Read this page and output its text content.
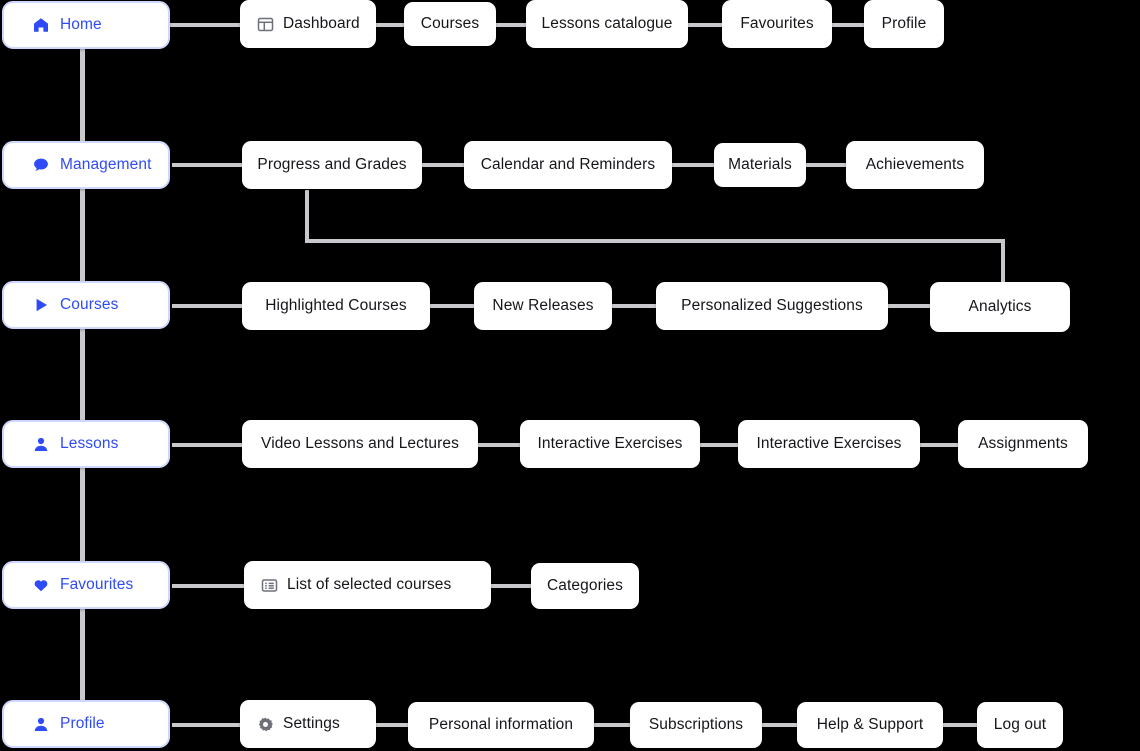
Home
Management
Courses
Lessons
Favourites
Profile
Dashboard	Courses	Lessons catalogue	Favourites	Profile
Progress and Grades	Calendar and Reminders	Materials	Achievements
Highlighted Courses	New Releases	Personalized Suggestions	Analytics
Video Lessons and Lectures	Interactive Exercises	Interactive Exercises	Assignments
List of selected courses	Categories
Settings	Personal information	Subscriptions	Help & Support	Log out
